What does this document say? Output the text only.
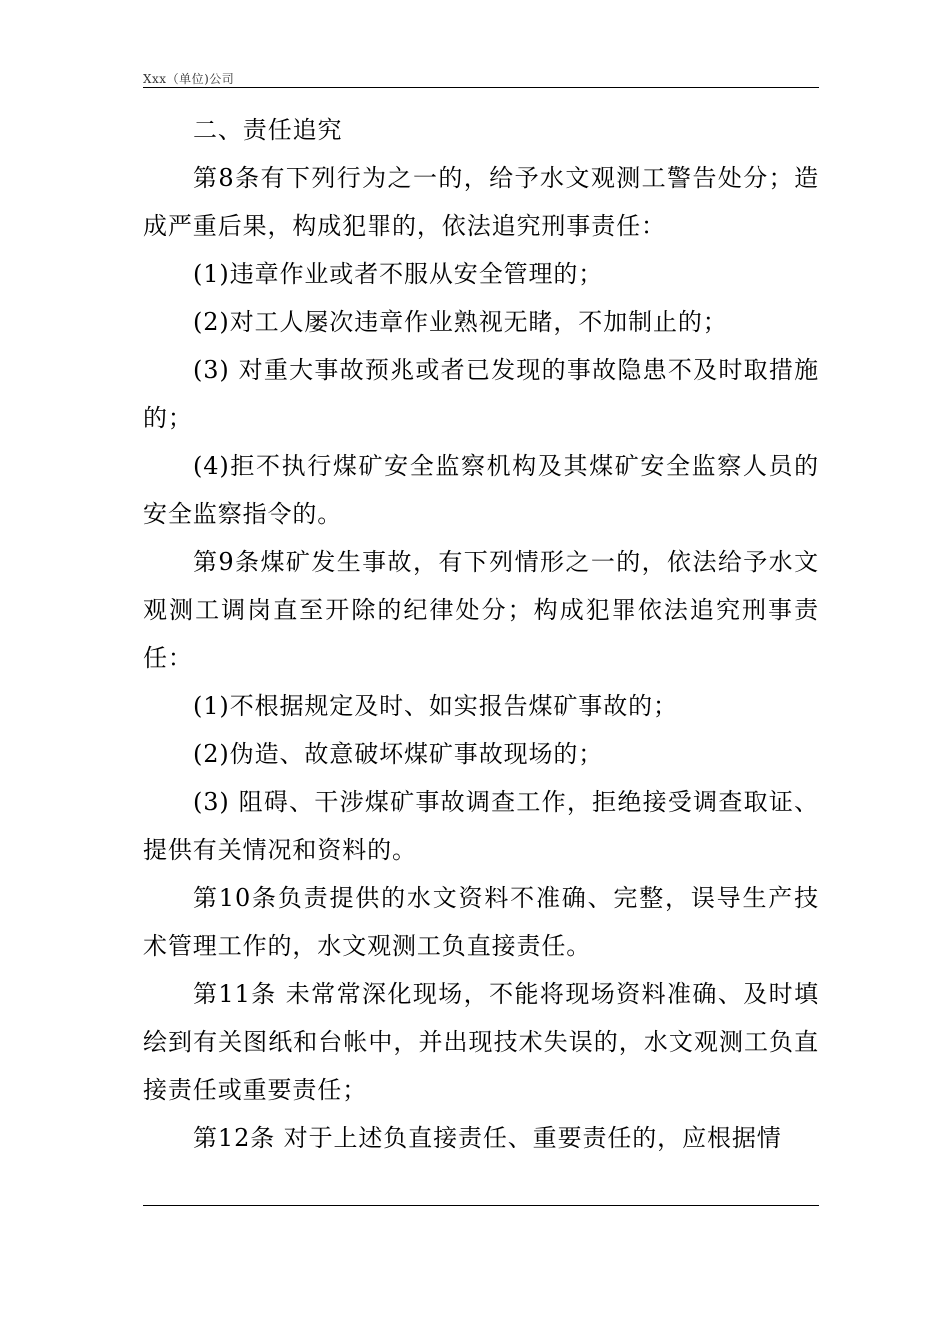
Xxx（单位)公司

二、责任追究

第8条有下列行为之一的，给予水文观测工警告处分；造成严重后果，构成犯罪的，依法追究刑事责任：

(1)违章作业或者不服从安全管理的；

(2)对工人屡次违章作业熟视无睹，不加制止的；

(3) 对重大事故预兆或者已发现的事故隐患不及时取措施的；

(4)拒不执行煤矿安全监察机构及其煤矿安全监察人员的安全监察指令的。

第9条煤矿发生事故，有下列情形之一的，依法给予水文观测工调岗直至开除的纪律处分；构成犯罪依法追究刑事责任：

(1)不根据规定及时、如实报告煤矿事故的；

(2)伪造、故意破坏煤矿事故现场的；

(3) 阻碍、干涉煤矿事故调查工作，拒绝接受调查取证、提供有关情况和资料的。

第10条负责提供的水文资料不准确、完整，误导生产技术管理工作的，水文观测工负直接责任。

第11条 未常常深化现场，不能将现场资料准确、及时填绘到有关图纸和台帐中，并出现技术失误的，水文观测工负直接责任或重要责任；

第12条 对于上述负直接责任、重要责任的，应根据情
